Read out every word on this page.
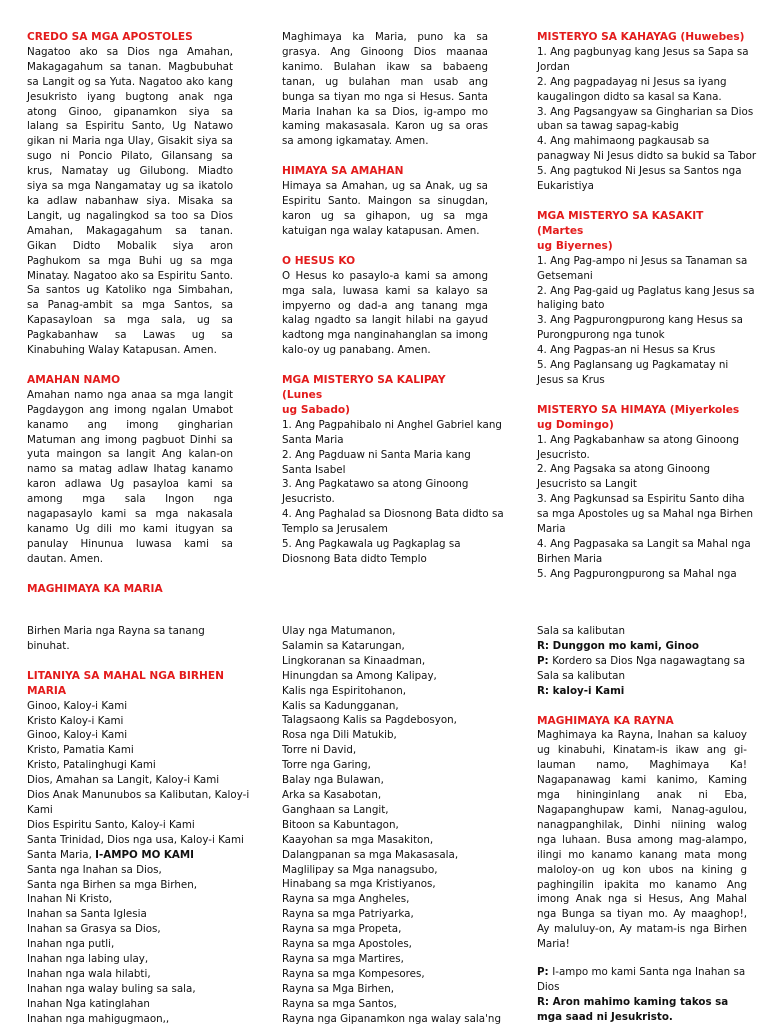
CREDO SA MGA APOSTOLES

Nagatoo ako sa Dios nga Amahan, Makagagahum sa tanan. Magbubuhat sa Langit og sa Yuta. Nagatoo ako kang Jesukristo iyang bugtong anak nga atong Ginoo, gipanamkon siya sa lalang sa Espiritu Santo, Ug Natawo gikan ni Maria nga Ulay, Gisakit siya sa sugo ni Poncio Pilato, Gilansang sa krus, Namatay ug Gilubong. Miadto siya sa mga Nangamatay ug sa ikatolo ka adlaw nabanhaw siya. Misaka sa Langit, ug nagalingkod sa too sa Dios Amahan, Makagagahum sa tanan. Gikan Didto Mobalik siya aron Paghukom sa mga Buhi ug sa mga Minatay. Nagatoo ako sa Espiritu Santo. Sa santos ug Katoliko nga Simbahan, sa Panag-ambit sa mga Santos, sa Kapasayloan sa mga sala, ug sa Pagkabanhaw sa Lawas ug sa Kinabuhing Walay Katapusan. Amen.

AMAHAN NAMO

Amahan namo nga anaa sa mga langit Pagdaygon ang imong ngalan Umabot kanamo ang imong gingharian Matuman ang imong pagbuot Dinhi sa yuta maingon sa langit Ang kalan-on namo sa matag adlaw Ihatag kanamo karon adlawa Ug pasayloa kami sa among mga sala Ingon nga nagapasaylo kami sa mga nakasala kanamo Ug dili mo kami itugyan sa panulay Hinunua luwasa kami sa dautan. Amen.

MAGHIMAYA KA MARIA

Maghimaya ka Maria, puno ka sa grasya. Ang Ginoong Dios maanaa kanimo. Bulahan ikaw sa babaeng tanan, ug bulahan man usab ang bunga sa tiyan mo nga si Hesus. Santa Maria Inahan ka sa Dios, ig-ampo mo kaming makasasala. Karon ug sa oras sa among igkamatay. Amen.

HIMAYA SA AMAHAN

Himaya sa Amahan, ug sa Anak, ug sa Espiritu Santo. Maingon sa sinugdan, karon ug sa gihapon, ug sa mga katuigan nga walay katapusan. Amen.

O HESUS KO

O Hesus ko pasaylo-a kami sa among mga sala, luwasa kami sa kalayo sa impyerno og dad-a ang tanang mga kalag ngadto sa langit hilabi na gayud kadtong mga nanginahanglan sa imong kalo-oy ug panabang. Amen.

MGA MISTERYO SA KALIPAY (Lunes
ug Sabado)
1. Ang Pagpahibalo ni Anghel Gabriel kang
Santa Maria
2. Ang Pagduaw ni Santa Maria kang
Santa Isabel
3. Ang Pagkatawo sa atong Ginoong
Jesucristo.
4. Ang Paghalad sa Diosnong Bata didto sa
Templo sa Jerusalem
5. Ang Pagkawala ug Pagkaplag sa
Diosnong Bata didto Templo
MISTERYO SA KAHAYAG (Huwebes)
1. Ang pagbunyag kang Jesus sa Sapa sa
Jordan
2. Ang pagpadayag ni Jesus sa iyang
kaugalingon didto sa kasal sa Kana.
3. Ang Pagsangyaw sa Gingharian sa Dios
uban sa tawag sapag-kabig
4. Ang mahimaong pagkausab sa
panagway Ni Jesus didto sa bukid sa Tabor
5. Ang pagtukod Ni Jesus sa Santos nga
Eukaristiya
MGA MISTERYO SA KASAKIT (Martes
ug Biyernes)
1. Ang Pag-ampo ni Jesus sa Tanaman sa
Getsemani
2. Ang Pag-gaid ug Paglatus kang Jesus sa
haliging bato
3. Ang Pagpurongpurong kang Hesus sa
Purongpurong nga tunok
4. Ang Pagpas-an ni Hesus sa Krus
5. Ang Paglansang ug Pagkamatay ni
Jesus sa Krus
MISTERYO SA HIMAYA (Miyerkoles
ug Domingo)
1. Ang Pagkabanhaw sa atong Ginoong
Jesucristo.
2. Ang Pagsaka sa atong Ginoong
Jesucristo sa Langit
3. Ang Pagkunsad sa Espiritu Santo diha
sa mga Apostoles ug sa Mahal nga Birhen
Maria
4. Ang Pagpasaka sa Langit sa Mahal nga
Birhen Maria
5. Ang Pagpurongpurong sa Mahal nga
Birhen Maria nga Rayna sa tanang
binuhat.
LITANIYA SA MAHAL NGA BIRHEN
MARIA
Ginoo, Kaloy-i Kami
Kristo Kaloy-i Kami
Ginoo, Kaloy-i Kami
Kristo, Pamatia Kami
Kristo, Patalinghugi Kami
Dios, Amahan sa Langit, Kaloy-i Kami
Dios Anak Manunubos sa Kalibutan, Kaloy-i
Kami
Dios Espiritu Santo, Kaloy-i Kami
Santa Trinidad, Dios nga usa, Kaloy-i Kami
Santa Maria, I-AMPO MO KAMI
Santa nga Inahan sa Dios,
Santa nga Birhen sa mga Birhen,
Inahan Ni Kristo,
Inahan sa Santa Iglesia
Inahan sa Grasya sa Dios,
Inahan nga putli,
Inahan nga labing ulay,
Inahan nga wala hilabti,
Inahan nga walay buling sa sala,
Inahan Nga katinglahan
Inahan nga mahigugmaon,,
Ulay nga Matumanon,
Salamin sa Katarungan,
Lingkoranan sa Kinaadman,
Hinungdan sa Among Kalipay,
Kalis nga Espiritohanon,
Kalis sa Kadungganan,
Talagsaong Kalis sa Pagdebosyon,
Rosa nga Dili Matukib,
Torre ni David,
Torre nga Garing,
Balay nga Bulawan,
Arka sa Kasabotan,
Ganghaan sa Langit,
Bitoon sa Kabuntagon,
Kaayohan sa mga Masakiton,
Dalangpanan sa mga Makasasala,
Maglilipay sa Mga nanagsubo,
Hinabang sa mga Kristiyanos,
Rayna sa mga Angheles,
Rayna sa mga Patriyarka,
Rayna sa mga Propeta,
Rayna sa mga Apostoles,
Rayna sa mga Martires,
Rayna sa mga Kompesores,
Rayna sa Mga Birhen,
Rayna sa mga Santos,
Rayna nga Gipanamkon nga walay sala'ng
Sala sa kalibutan
R: Dunggon mo kami, Ginoo
P: Kordero sa Dios Nga nagawagtang sa
Sala sa kalibutan
R: kaloy-i Kami
MAGHIMAYA KA RAYNA

Maghimaya ka Rayna, Inahan sa kaluoy ug kinabuhi, Kinatam-is ikaw ang gi-lauman namo, Maghimaya Ka! Nagapanawag kami kanimo, Kaming mga hininginlang anak ni Eba, Nagapanghupaw kami, Nanag-agulou, nanagpanghilak, Dinhi niining walog nga luhaan. Busa among mag-alampo, ilingi mo kanamo kanang mata mong maloloy-on ug kon ubos na kining g paghingilin ipakita mo kanamo Ang imong Anak nga si Hesus, Ang Mahal nga Bunga sa tiyan mo. Ay maaghop!, Ay maluluy-on, Ay matam-is nga Birhen Maria!

P: I-ampo mo kami Santa nga Inahan sa
Dios
R: Aron mahimo kaming takos sa
mga saad ni Jesukristo.
